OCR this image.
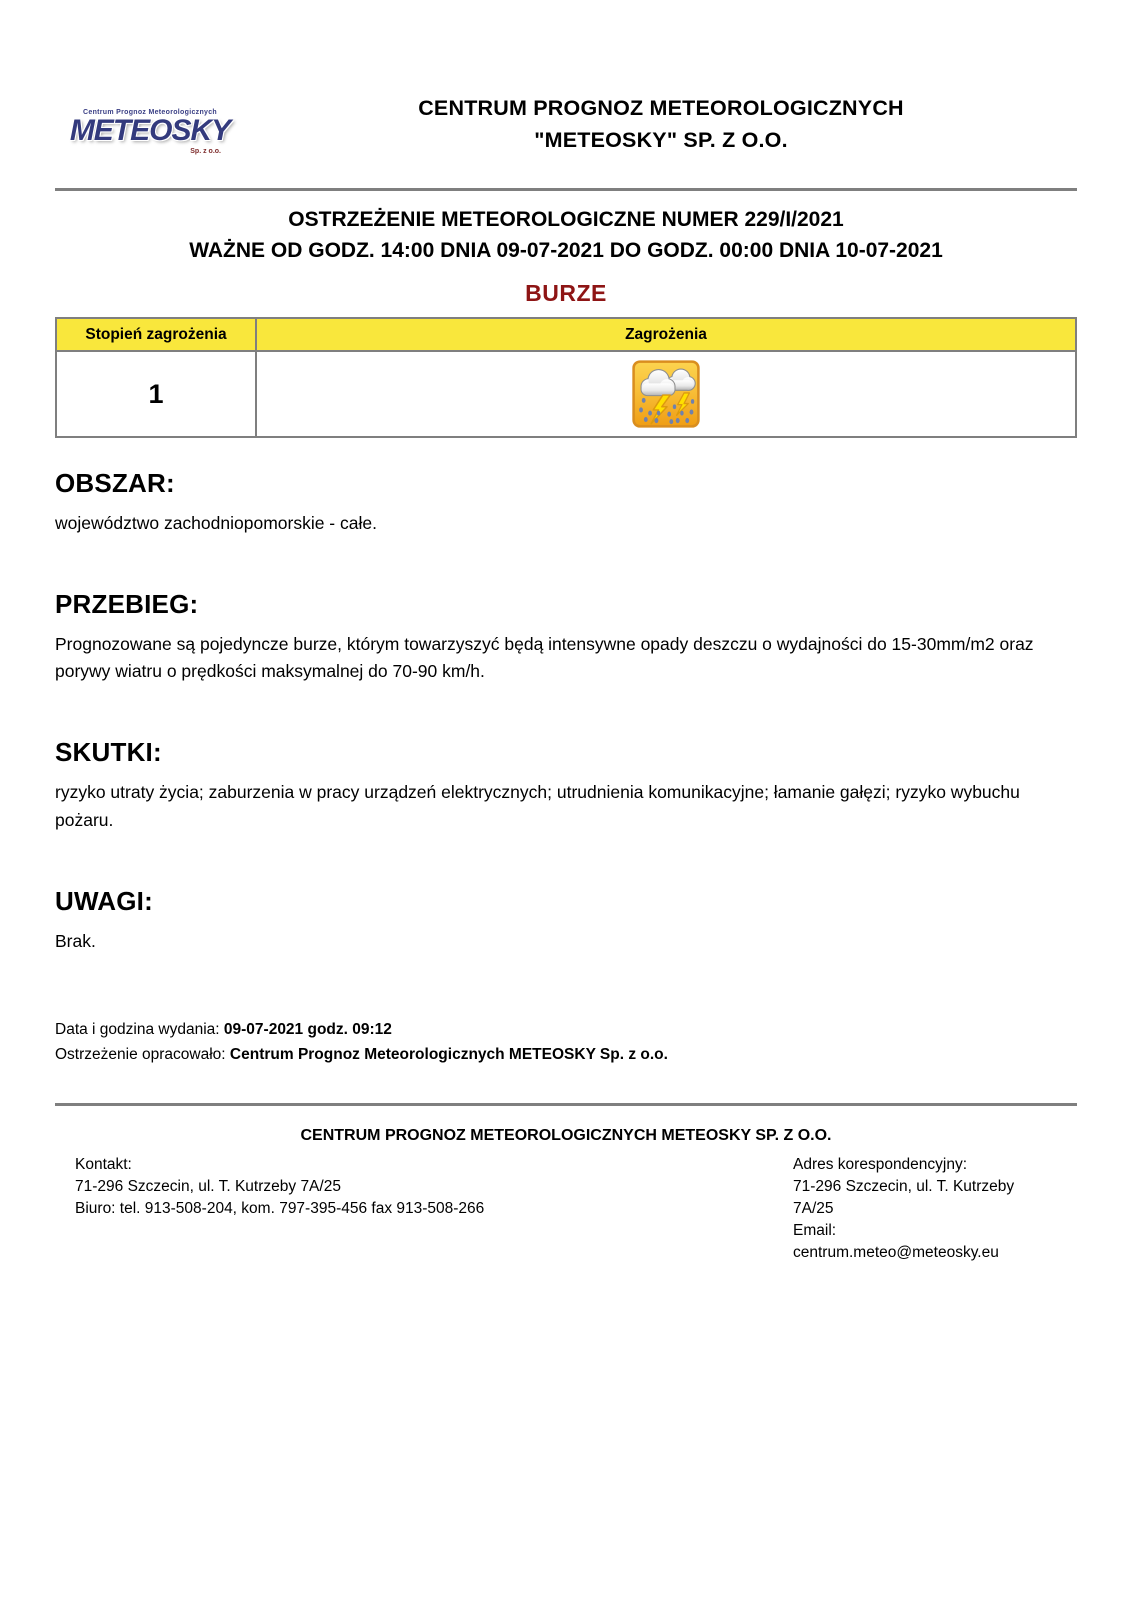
Centrum Prognoz Meteorologicznych
METEOSKY
Sp. z o.o.
CENTRUM PROGNOZ METEOROLOGICZNYCH
"METEOSKY" SP. Z O.O.
OSTRZEŻENIE METEOROLOGICZNE NUMER 229/I/2021
WAŻNE OD GODZ. 14:00 DNIA 09-07-2021 DO GODZ. 00:00 DNIA 10-07-2021
BURZE
Stopień zagrożenia	Zagrożenia
1	
OBSZAR:
województwo zachodniopomorskie - całe.
PRZEBIEG:
Prognozowane są pojedyncze burze, którym towarzyszyć będą intensywne opady deszczu o wydajności do 15-30mm/m2 oraz porywy wiatru o prędkości maksymalnej do 70-90 km/h.
SKUTKI:
ryzyko utraty życia; zaburzenia w pracy urządzeń elektrycznych; utrudnienia komunikacyjne; łamanie gałęzi; ryzyko wybuchu pożaru.
UWAGI:
Brak.
Data i godzina wydania: 09-07-2021 godz. 09:12
Ostrzeżenie opracowało: Centrum Prognoz Meteorologicznych METEOSKY Sp. z o.o.
CENTRUM PROGNOZ METEOROLOGICZNYCH METEOSKY SP. Z O.O.
Kontakt:
71-296 Szczecin, ul. T. Kutrzeby 7A/25
Biuro: tel. 913-508-204, kom. 797-395-456 fax 913-508-266
Adres korespondencyjny:
71-296 Szczecin, ul. T. Kutrzeby
7A/25
Email:
centrum.meteo@meteosky.eu
